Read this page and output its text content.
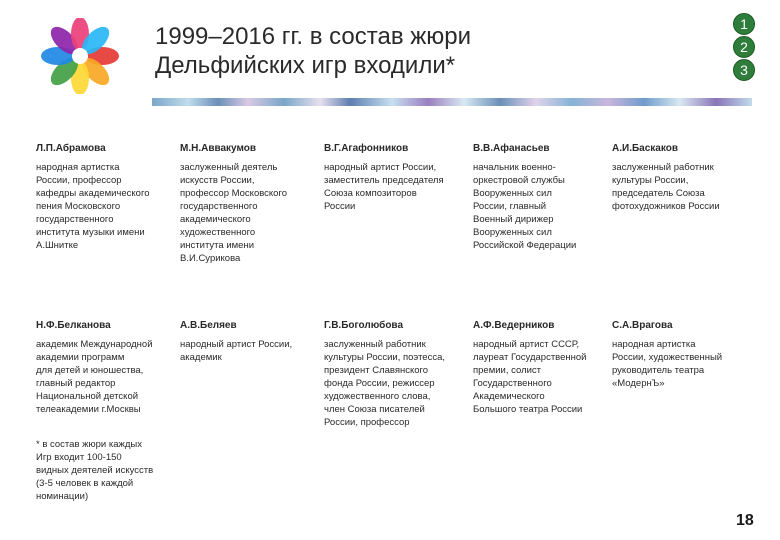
1999–2016 гг. в состав жюри
Дельфийских игр входили*
1
2
3
Л.П.Абрамова
народная артистка
России, профессор
кафедры академического
пения Московского
государственного
института музыки имени
А.Шнитке
М.Н.Аввакумов
заслуженный деятель
искусств России,
профессор Московского
государственного
академического
художественного
института имени
В.И.Сурикова
В.Г.Агафонников
народный артист России,
заместитель председателя
Союза композиторов
России
В.В.Афанасьев
начальник военно-
оркестровой службы
Вооруженных сил
России, главный
Военный дирижер
Вооруженных сил
Российской Федерации
А.И.Баскаков
заслуженный работник
культуры России,
председатель Союза
фотохудожников России
Н.Ф.Белканова
академик Международной
академии программ
для детей и юношества,
главный редактор
Национальной детской
телеакадемии г.Москвы
А.В.Беляев
народный артист России,
академик
Г.В.Боголюбова
заслуженный работник
культуры России, поэтесса,
президент Славянского
фонда России, режиссер
художественного слова,
член Союза писателей
России, профессор
А.Ф.Ведерников
народный артист СССР,
лауреат Государственной
премии, солист
Государственного
Академического
Большого театра России
С.А.Врагова
народная артистка
России, художественный
руководитель театра
«МодернЪ»
* в состав жюри каждых
Игр входит 100-150
видных деятелей искусств
(3-5 человек в каждой
номинации)
18
